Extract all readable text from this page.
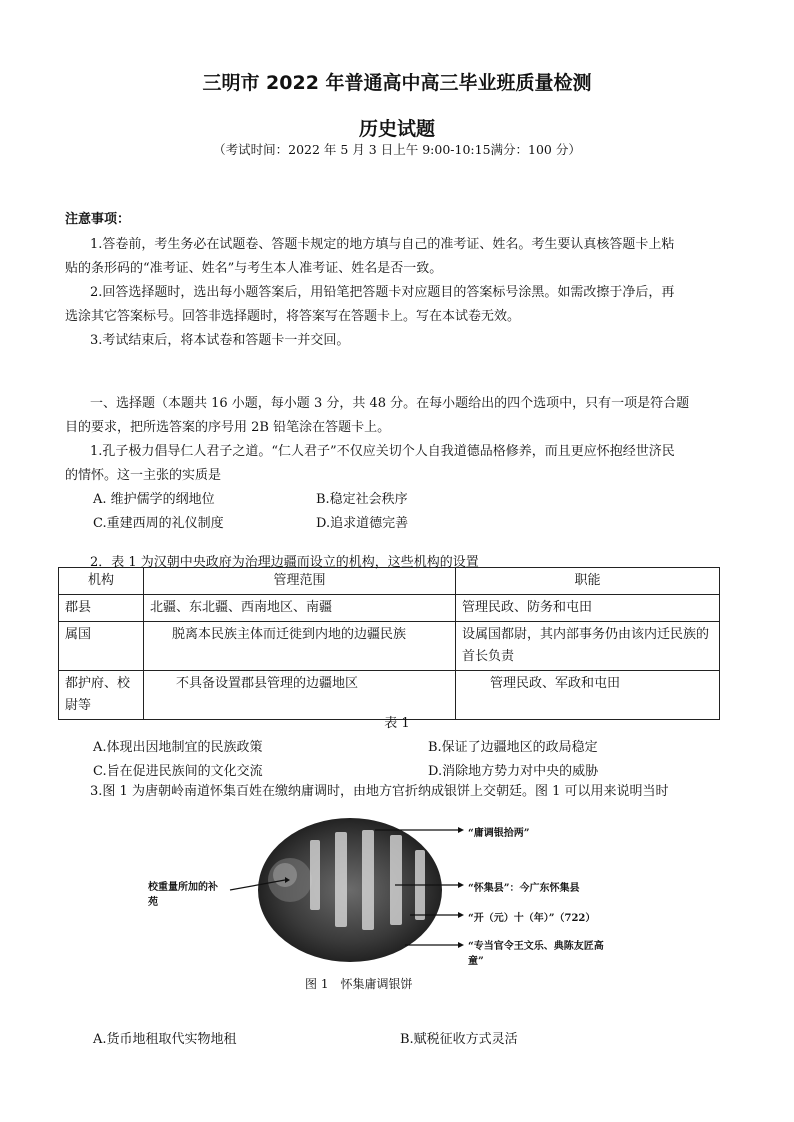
三明市 2022 年普通高中高三毕业班质量检测
历史试题
（考试时间：2022 年 5 月 3 日上午 9:00-10:15满分：100 分）
注意事项：
1.答卷前，考生务必在试题卷、答题卡规定的地方填与自己的准考证、姓名。考生要认真核答题卡上粘
贴的条形码的“准考证、姓名”与考生本人准考证、姓名是否一致。
2.回答选择题时，选出每小题答案后，用铅笔把答题卡对应题目的答案标号涂黑。如需改擦于净后，再
选涂其它答案标号。回答非选择题时，将答案写在答题卡上。写在本试卷无效。
3.考试结束后，将本试卷和答题卡一并交回。
一、选择题（本题共 16 小题，每小题 3 分，共 48 分。在每小题给出的四个选项中，只有一项是符合题
目的要求，把所选答案的序号用 2B 铅笔涂在答题卡上。
1.孔子极力倡导仁人君子之道。“仁人君子”不仅应关切个人自我道德品格修养，而且更应怀抱经世济民
的情怀。这一主张的实质是
A. 维护儒学的纲地位	B.稳定社会秩序
C.重建西周的礼仪制度	D.追求道德完善
2．表 1 为汉朝中央政府为治理边疆而设立的机构，这些机构的设置
机构	管理范围	职能
郡县	北疆、东北疆、西南地区、南疆	管理民政、防务和屯田
属国	脱离本民族主体而迁徙到内地的边疆民族	设属国都尉，其内部事务仍由该内迁民族的首长负责
都护府、校尉等	不具备设置郡县管理的边疆地区	管理民政、军政和屯田
表 1
A.体现出因地制宜的民族政策	B.保证了边疆地区的政局稳定
C.旨在促进民族间的文化交流	D.消除地方势力对中央的威胁
3.图 1 为唐朝岭南道怀集百姓在缴纳庸调时，由地方官折纳成银饼上交朝廷。图 1 可以用来说明当时
校重量所加的补苑
“庸调银拾两”
“怀集县”：今广东怀集县
“开（元）十（年）”（722）
“专当官令王文乐、典陈友匠高童”
图 1　怀集庸调银饼
A.货币地租取代实物地租	B.赋税征收方式灵活
